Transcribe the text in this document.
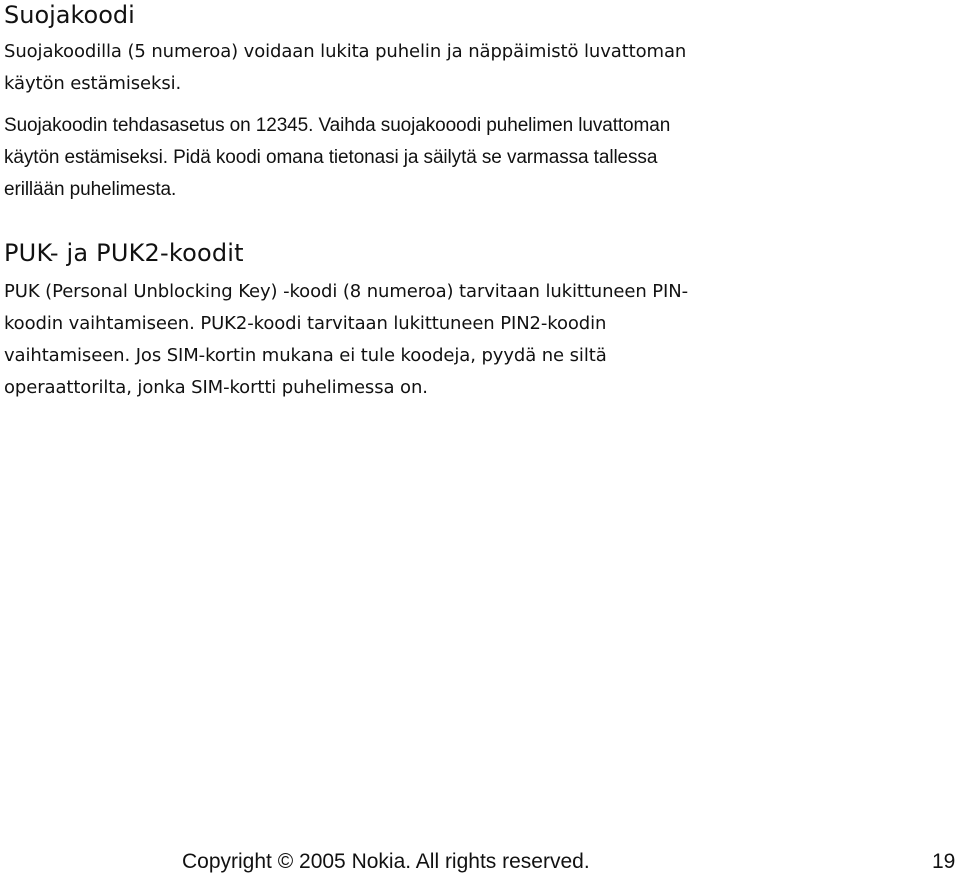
Suojakoodi

Suojakoodilla (5 numeroa) voidaan lukita puhelin ja näppäimistö luvattoman
käytön estämiseksi.

Suojakoodin tehdasasetus on 12345. Vaihda suojakooodi puhelimen luvattoman
käytön estämiseksi. Pidä koodi omana tietonasi ja säilytä se varmassa tallessa
erillään puhelimesta.

PUK- ja PUK2-koodit

PUK (Personal Unblocking Key) -koodi (8 numeroa) tarvitaan lukittuneen PIN-
koodin vaihtamiseen. PUK2-koodi tarvitaan lukittuneen PIN2-koodin
vaihtamiseen. Jos SIM-kortin mukana ei tule koodeja, pyydä ne siltä
operaattorilta, jonka SIM-kortti puhelimessa on.

Copyright © 2005 Nokia. All rights reserved.	19
